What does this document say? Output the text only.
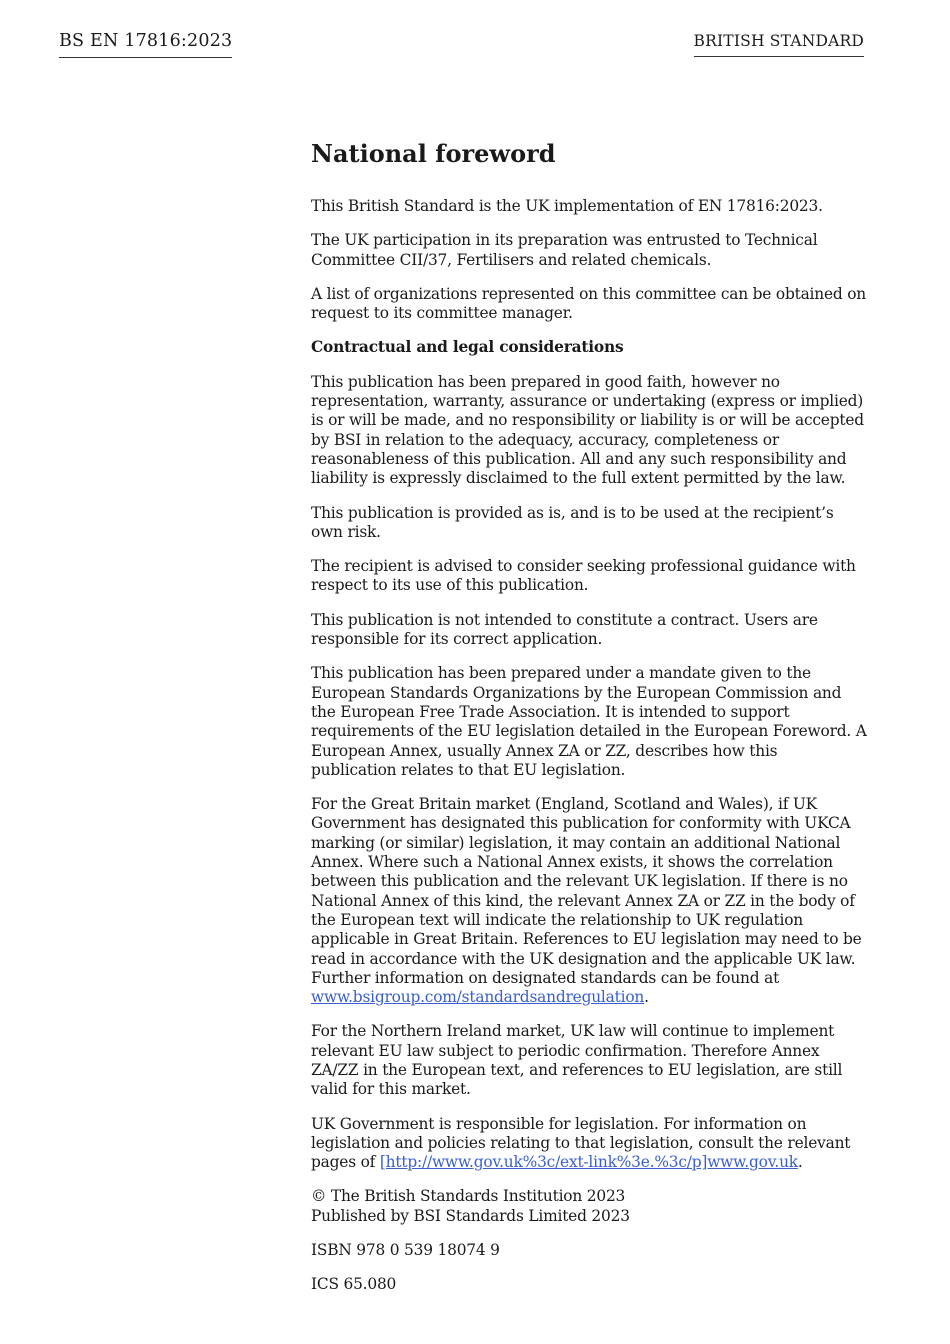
BS EN 17816:2023	BRITISH STANDARD
National foreword

This British Standard is the UK implementation of EN 17816:2023.

The UK participation in its preparation was entrusted to Technical Committee CII/37, Fertilisers and related chemicals.

A list of organizations represented on this committee can be obtained on request to its committee manager.

Contractual and legal considerations

This publication has been prepared in good faith, however no representation, warranty, assurance or undertaking (express or implied) is or will be made, and no responsibility or liability is or will be accepted by BSI in relation to the adequacy, accuracy, completeness or reasonableness of this publication. All and any such responsibility and liability is expressly disclaimed to the full extent permitted by the law.

This publication is provided as is, and is to be used at the recipient’s own risk.

The recipient is advised to consider seeking professional guidance with respect to its use of this publication.

This publication is not intended to constitute a contract. Users are responsible for its correct application.

This publication has been prepared under a mandate given to the European Standards Organizations by the European Commission and the European Free Trade Association. It is intended to support requirements of the EU legislation detailed in the European Foreword. A European Annex, usually Annex ZA or ZZ, describes how this publication relates to that EU legislation.

For the Great Britain market (England, Scotland and Wales), if UK Government has designated this publication for conformity with UKCA marking (or similar) legislation, it may contain an additional National Annex. Where such a National Annex exists, it shows the correlation between this publication and the relevant UK legislation. If there is no National Annex of this kind, the relevant Annex ZA or ZZ in the body of the European text will indicate the relationship to UK regulation applicable in Great Britain. References to EU legislation may need to be read in accordance with the UK designation and the applicable UK law. Further information on designated standards can be found at www.bsigroup.com/standardsandregulation.

For the Northern Ireland market, UK law will continue to implement relevant EU law subject to periodic confirmation. Therefore Annex ZA/ZZ in the European text, and references to EU legislation, are still valid for this market.

UK Government is responsible for legislation. For information on legislation and policies relating to that legislation, consult the relevant pages of [http://www.gov.uk%3c/ext-link%3e.%3c/p]www.gov.uk.

© The British Standards Institution 2023
Published by BSI Standards Limited 2023

ISBN 978 0 539 18074 9

ICS 65.080
